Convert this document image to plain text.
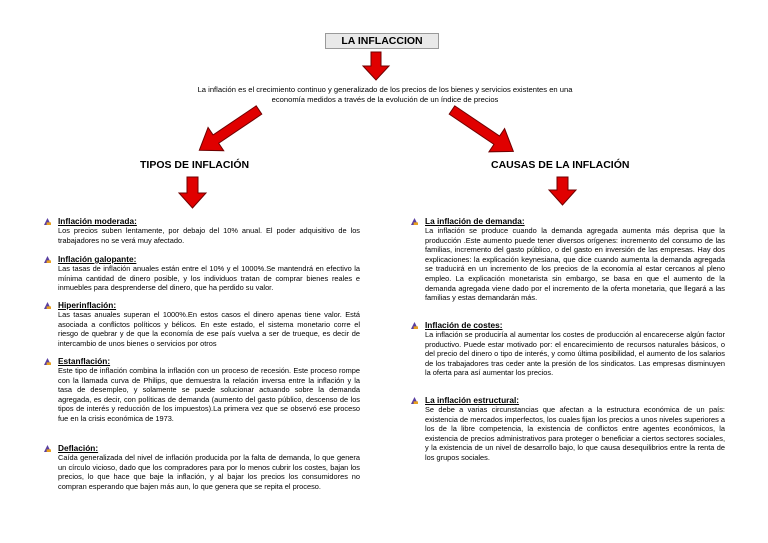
LA INFLACCION
La inflación es el crecimiento continuo y generalizado de los precios de los bienes y servicios existentes en una economía medidos a través de la evolución de un índice de precios
TIPOS DE INFLACIÓN	CAUSAS DE LA INFLACIÓN
Inflación moderada:
Los precios suben lentamente, por debajo del 10% anual. El poder adquisitivo de los trabajadores no se verá muy afectado.
Inflación galopante:
Las tasas de inflación anuales están entre el 10% y el 1000%.Se mantendrá en efectivo la mínima cantidad de dinero posible, y los individuos tratan de comprar bienes reales e inmuebles para desprenderse del dinero, que ha perdido su valor.
Hiperinflación:
Las tasas anuales superan el 1000%.En estos casos el dinero apenas tiene valor. Está asociada a conflictos políticos y bélicos. En este estado, el sistema monetario corre el riesgo de quebrar y de que la economía de ese país vuelva a ser de trueque, es decir de intercambio de unos bienes o servicios por otros
Estanflación:
Este tipo de inflación combina la inflación con un proceso de recesión. Este proceso rompe con la llamada curva de Philips, que demuestra la relación inversa entre la inflación y la tasa de desempleo, y solamente se puede solucionar actuando sobre la demanda agregada, es decir, con políticas de demanda (aumento del gasto público, descenso de los tipos de interés y reducción de los impuestos).La primera vez que se observó ese proceso fue en la crisis económica de 1973.
Deflación:
Caída generalizada del nivel de inflación producida por la falta de demanda, lo que genera un círculo vicioso, dado que los compradores para por lo menos cubrir los costes, bajan los precios, lo que hace que baje la inflación, y al bajar los precios los consumidores no compran esperando que bajen más aun, lo que genera que se repita el proceso.
La inflación de demanda:
La inflación se produce cuando la demanda agregada aumenta más deprisa que la producción .Este aumento puede tener diversos orígenes: incremento del consumo de las familias, incremento del gasto público, o del gasto en inversión de las empresas. Hay dos explicaciones: la explicación keynesiana, que dice cuando aumenta la demanda agregada se traducirá en un incremento de los precios de la economía al estar cercanos al pleno empleo. La explicación monetarista sin embargo, se basa en que el aumento de la demanda agregada viene dado por el incremento de la oferta monetaria, que llegará a las familias y estas demandarán más.
Inflación de costes:
La inflación se produciría al aumentar los costes de producción al encarecerse algún factor productivo. Puede estar motivado por: el encarecimiento de recursos naturales básicos, o del precio del dinero o tipo de interés, y como última posibilidad, el aumento de los salarios de los trabajadores tras ceder ante la presión de los sindicatos. Las empresas disminuyen la oferta para así aumentar los precios.
La inflación estructural:
Se debe a varias circunstancias que afectan a la estructura económica de un país: existencia de mercados imperfectos, los cuales fijan los precios a unos niveles superiores a los de la libre competencia, la existencia de conflictos entre agentes económicos, la existencia de precios administrativos para proteger o beneficiar a ciertos sectores sociales, y la existencia de un nivel de desarrollo bajo, lo que causa desequilibrios entre la renta de los grupos sociales.
